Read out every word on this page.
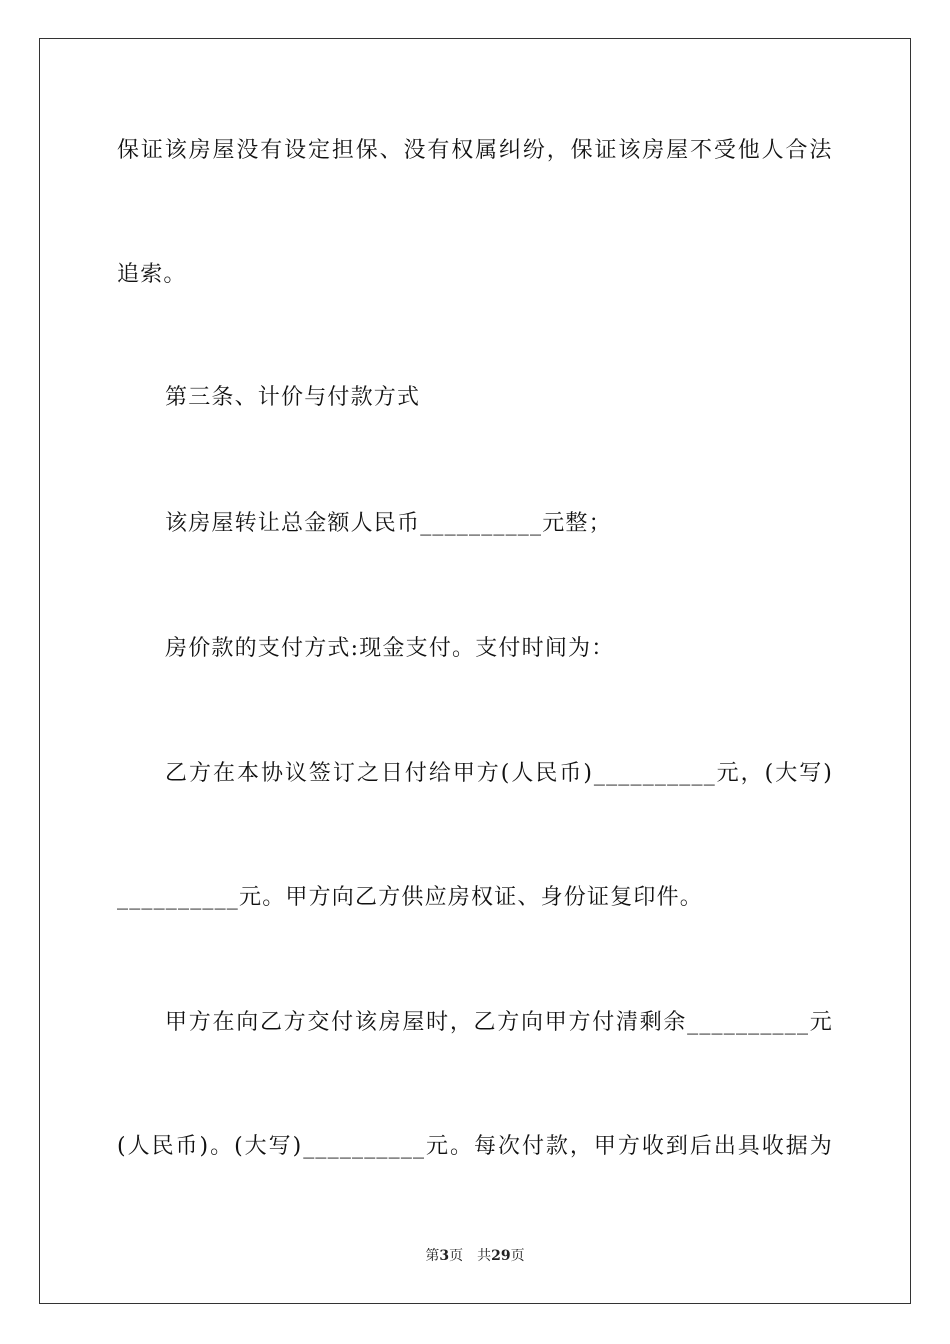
保 证 该 房 屋 没 有 设 定 担 保 、 没 有 权 属 纠 纷 ， 保 证 该 房 屋 不 受 他 人 合 法
追索。
第三条、计价与付款方式
该房屋转让总金额人民币__________元整；
房价款的支付方式:现金支付。支付时间为：
乙 方 在 本 协 议 签 订 之 日 付 给 甲 方 ( 人 民 币 ) __________ 元 ， ( 大 写 )
__________元。甲方向乙方供应房权证、身份证复印件。
甲 方 在 向 乙 方 交 付 该 房 屋 时 ， 乙 方 向 甲 方 付 清 剩 余 __________ 元
( 人 民 币 ) 。 ( 大 写 ) __________ 元 。 每 次 付 款 ， 甲 方 收 到 后 出 具 收 据 为
第3页 共29页
